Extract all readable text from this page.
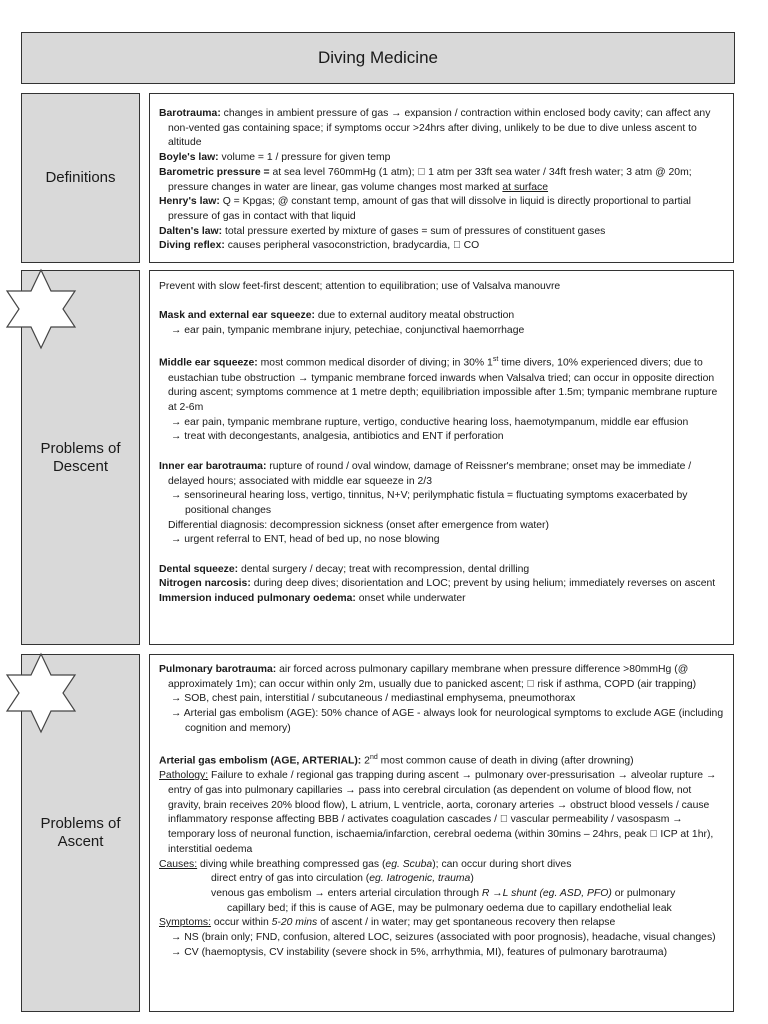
Diving Medicine
Definitions

Barotrauma: changes in ambient pressure of gas → expansion / contraction within enclosed body cavity; can affect any non-vented gas containing space; if symptoms occur >24hrs after diving, unlikely to be due to dive unless ascent to altitude

Boyle's law: volume = 1 / pressure for given temp

Barometric pressure = at sea level 760mmHg (1 atm); ￿ 1 atm per 33ft sea water / 34ft fresh water; 3 atm @ 20m; pressure changes in water are linear, gas volume changes most marked at surface

Henry's law: Q = Kpgas; @ constant temp, amount of gas that will dissolve in liquid is directly proportional to partial pressure of gas in contact with that liquid

Dalten's law: total pressure exerted by mixture of gases = sum of pressures of constituent gases

Diving reflex: causes peripheral vasoconstriction, bradycardia, ￿ CO

Problems of
Descent

Prevent with slow feet-first descent; attention to equilibration; use of Valsalva manouvre

Mask and external ear squeeze: due to external auditory meatal obstruction

→ ear pain, tympanic membrane injury, petechiae, conjunctival haemorrhage

Middle ear squeeze: most common medical disorder of diving; in 30% 1st time divers, 10% experienced divers; due to eustachian tube obstruction → tympanic membrane forced inwards when Valsalva tried; can occur in opposite direction during ascent; symptoms commence at 1 metre depth; equilibriation impossible after 1.5m; tympanic membrane rupture at 2-6m

→ ear pain, tympanic membrane rupture, vertigo, conductive hearing loss, haemotympanum, middle ear effusion

→ treat with decongestants, analgesia, antibiotics and ENT if perforation

Inner ear barotrauma: rupture of round / oval window, damage of Reissner's membrane; onset may be immediate / delayed hours; associated with middle ear squeeze in 2/3

→ sensorineural hearing loss, vertigo, tinnitus, N+V; perilymphatic fistula = fluctuating symptoms exacerbated by positional changes

Differential diagnosis: decompression sickness (onset after emergence from water)

→ urgent referral to ENT, head of bed up, no nose blowing

Dental squeeze: dental surgery / decay; treat with recompression, dental drilling

Nitrogen narcosis: during deep dives; disorientation and LOC; prevent by using helium; immediately reverses on ascent

Immersion induced pulmonary oedema: onset while underwater

Problems of
Ascent

Pulmonary barotrauma: air forced across pulmonary capillary membrane when pressure difference >80mmHg (@ approximately 1m); can occur within only 2m, usually due to panicked ascent; ￿ risk if asthma, COPD (air trapping)

→ SOB, chest pain, interstitial / subcutaneous / mediastinal emphysema, pneumothorax

→ Arterial gas embolism (AGE): 50% chance of AGE - always look for neurological symptoms to exclude AGE (including cognition and memory)

Arterial gas embolism (AGE, ARTERIAL): 2nd most common cause of death in diving (after drowning)

Pathology: Failure to exhale / regional gas trapping during ascent → pulmonary over-pressurisation → alveolar rupture → entry of gas into pulmonary capillaries → pass into cerebral circulation (as dependent on volume of blood flow, not gravity, brain receives 20% blood flow), L atrium, L ventricle, aorta, coronary arteries → obstruct blood vessels / cause inflammatory response affecting BBB / activates coagulation cascades / ￿ vascular permeability / vasospasm → temporary loss of neuronal function, ischaemia/infarction, cerebral oedema (within 30mins – 24hrs, peak ￿ ICP at 1hr), interstitial oedema

Causes: diving while breathing compressed gas (eg. Scuba); can occur during short dives

direct entry of gas into circulation (eg. Iatrogenic, trauma)

venous gas embolism → enters arterial circulation through R →L shunt (eg. ASD, PFO) or pulmonary
capillary bed; if this is cause of AGE, may be pulmonary oedema due to capillary endothelial leak

Symptoms: occur within 5-20 mins of ascent / in water; may get spontaneous recovery then relapse

→ NS (brain only; FND, confusion, altered LOC, seizures (associated with poor prognosis), headache, visual changes)

→ CV (haemoptysis, CV instability (severe shock in 5%, arrhythmia, MI), features of pulmonary barotrauma)
